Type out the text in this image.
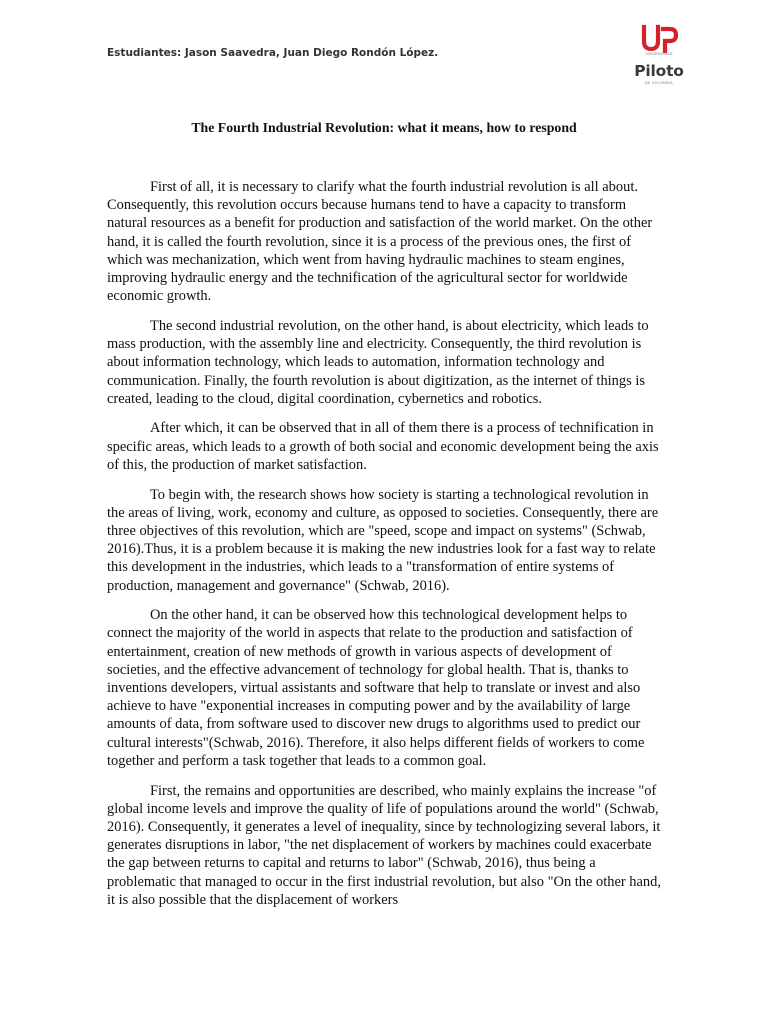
Estudiantes: Jason Saavedra, Juan Diego Rondón López.	UNIVERSIDAD
Piloto
DE COLOMBIA
The Fourth Industrial Revolution: what it means, how to respond

First of all, it is necessary to clarify what the fourth industrial revolution is all about. Consequently, this revolution occurs because humans tend to have a capacity to transform natural resources as a benefit for production and satisfaction of the world market. On the other hand, it is called the fourth revolution, since it is a process of the previous ones, the first of which was mechanization, which went from having hydraulic machines to steam engines, improving hydraulic energy and the technification of the agricultural sector for worldwide economic growth.

The second industrial revolution, on the other hand, is about electricity, which leads to mass production, with the assembly line and electricity. Consequently, the third revolution is about information technology, which leads to automation, information technology and communication. Finally, the fourth revolution is about digitization, as the internet of things is created, leading to the cloud, digital coordination, cybernetics and robotics.

After which, it can be observed that in all of them there is a process of technification in specific areas, which leads to a growth of both social and economic development being the axis of this, the production of market satisfaction.

To begin with, the research shows how society is starting a technological revolution in the areas of living, work, economy and culture, as opposed to societies. Consequently, there are three objectives of this revolution, which are "speed, scope and impact on systems" (Schwab, 2016).Thus, it is a problem because it is making the new industries look for a fast way to relate this development in the industries, which leads to a "transformation of entire systems of production, management and governance" (Schwab, 2016).

On the other hand, it can be observed how this technological development helps to connect the majority of the world in aspects that relate to the production and satisfaction of entertainment, creation of new methods of growth in various aspects of development of societies, and the effective advancement of technology for global health. That is, thanks to inventions developers, virtual assistants and software that help to translate or invest and also achieve to have "exponential increases in computing power and by the availability of large amounts of data, from software used to discover new drugs to algorithms used to predict our cultural interests"(Schwab, 2016). Therefore, it also helps different fields of workers to come together and perform a task together that leads to a common goal.

First, the remains and opportunities are described, who mainly explains the increase "of global income levels and improve the quality of life of populations around the world" (Schwab, 2016). Consequently, it generates a level of inequality, since by technologizing several labors, it generates disruptions in labor, "the net displacement of workers by machines could exacerbate the gap between returns to capital and returns to labor" (Schwab, 2016), thus being a problematic that managed to occur in the first industrial revolution, but also "On the other hand, it is also possible that the displacement of workers
